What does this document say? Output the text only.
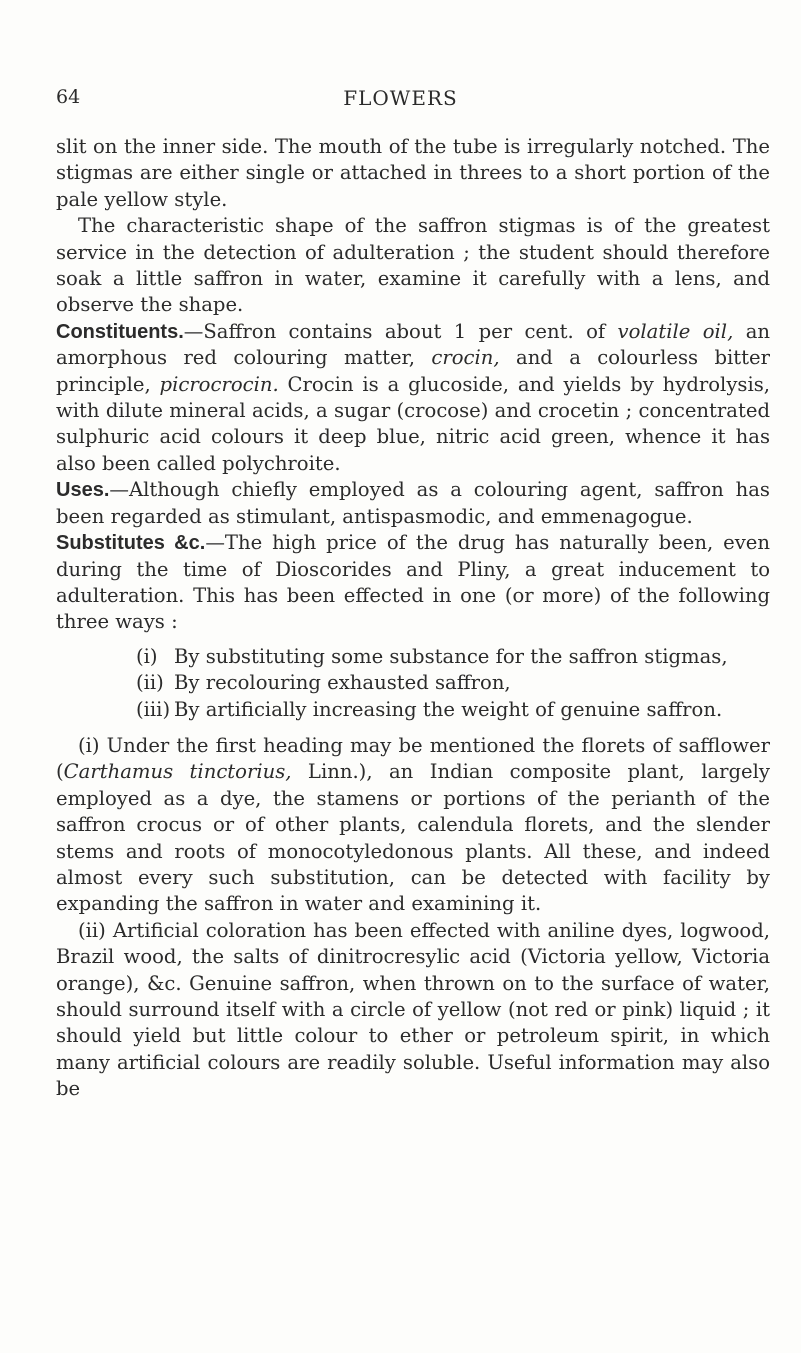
64	FLOWERS

slit on the inner side. The mouth of the tube is irregularly notched. The stigmas are either single or attached in threes to a short portion of the pale yellow style.

The characteristic shape of the saffron stigmas is of the greatest service in the detection of adulteration ; the student should therefore soak a little saffron in water, examine it carefully with a lens, and observe the shape.

Constituents.—Saffron contains about 1 per cent. of volatile oil, an amorphous red colouring matter, crocin, and a colourless bitter principle, picrocrocin. Crocin is a glucoside, and yields by hydrolysis, with dilute mineral acids, a sugar (crocose) and crocetin ; concentrated sulphuric acid colours it deep blue, nitric acid green, whence it has also been called polychroite.

Uses.—Although chiefly employed as a colouring agent, saffron has been regarded as stimulant, antispasmodic, and emmenagogue.

Substitutes &c.—The high price of the drug has naturally been, even during the time of Dioscorides and Pliny, a great inducement to adulteration. This has been effected in one (or more) of the following three ways :

(i) By substituting some substance for the saffron stigmas,
(ii) By recolouring exhausted saffron,
(iii) By artificially increasing the weight of genuine saffron.

(i) Under the first heading may be mentioned the florets of safflower (Carthamus tinctorius, Linn.), an Indian composite plant, largely employed as a dye, the stamens or portions of the perianth of the saffron crocus or of other plants, calendula florets, and the slender stems and roots of monocotyledonous plants. All these, and indeed almost every such substitution, can be detected with facility by expanding the saffron in water and examining it.

(ii) Artificial coloration has been effected with aniline dyes, logwood, Brazil wood, the salts of dinitrocresylic acid (Victoria yellow, Victoria orange), &c. Genuine saffron, when thrown on to the surface of water, should surround itself with a circle of yellow (not red or pink) liquid ; it should yield but little colour to ether or petroleum spirit, in which many artificial colours are readily soluble. Useful information may also be
